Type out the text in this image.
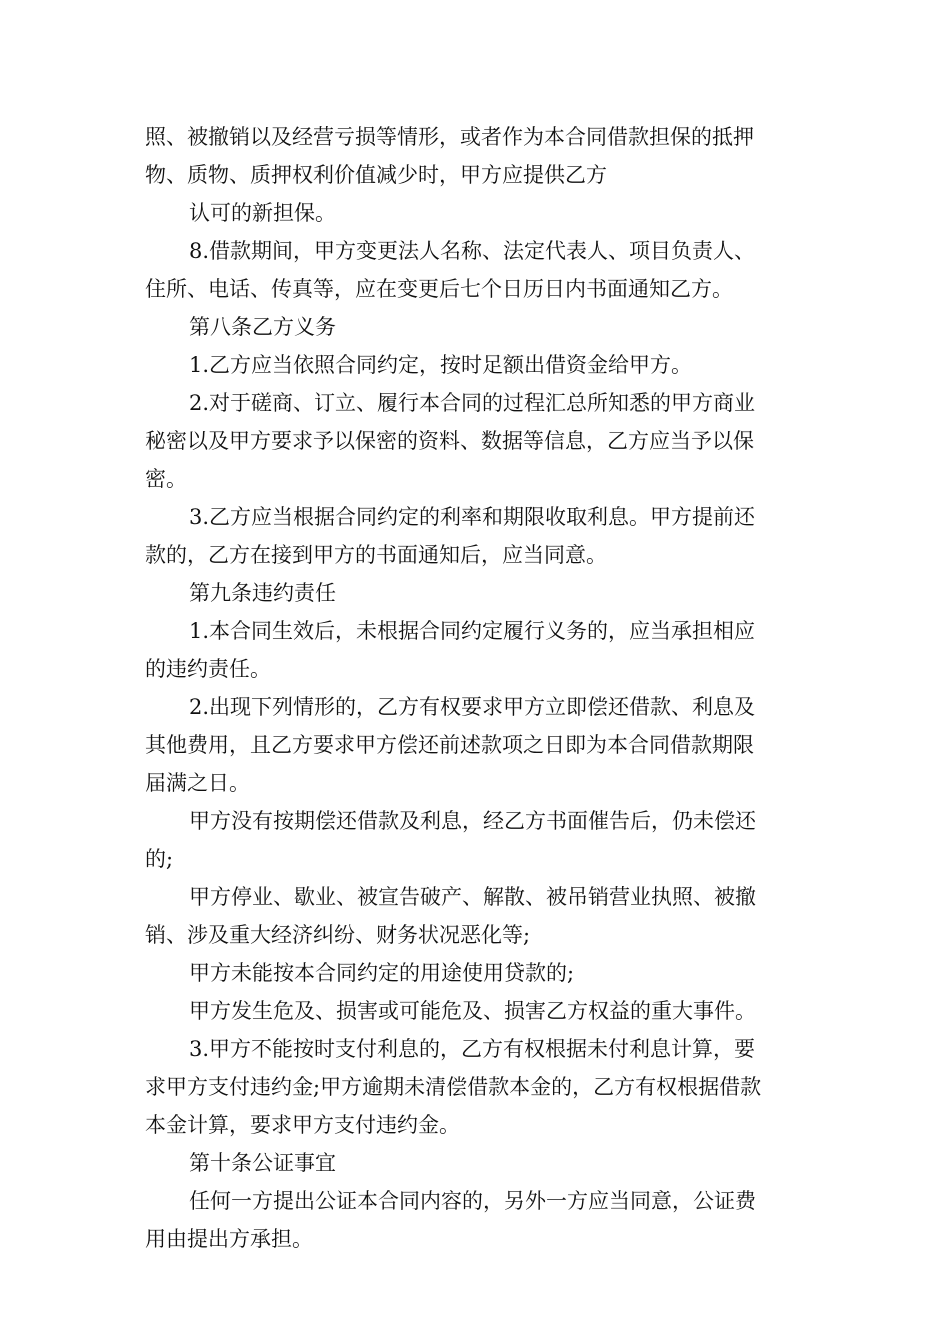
照、被撤销以及经营亏损等情形，或者作为本合同借款担保的抵押
物、质物、质押权利价值减少时，甲方应提供乙方
认可的新担保。
8.借款期间，甲方变更法人名称、法定代表人、项目负责人、
住所、电话、传真等，应在变更后七个日历日内书面通知乙方。
第八条乙方义务
1.乙方应当依照合同约定，按时足额出借资金给甲方。
2.对于磋商、订立、履行本合同的过程汇总所知悉的甲方商业
秘密以及甲方要求予以保密的资料、数据等信息，乙方应当予以保
密。
3.乙方应当根据合同约定的利率和期限收取利息。甲方提前还
款的，乙方在接到甲方的书面通知后，应当同意。
第九条违约责任
1.本合同生效后，未根据合同约定履行义务的，应当承担相应
的违约责任。
2.出现下列情形的，乙方有权要求甲方立即偿还借款、利息及
其他费用，且乙方要求甲方偿还前述款项之日即为本合同借款期限
届满之日。
甲方没有按期偿还借款及利息，经乙方书面催告后，仍未偿还
的;
甲方停业、歇业、被宣告破产、解散、被吊销营业执照、被撤
销、涉及重大经济纠纷、财务状况恶化等;
甲方未能按本合同约定的用途使用贷款的;
甲方发生危及、损害或可能危及、损害乙方权益的重大事件。
3.甲方不能按时支付利息的，乙方有权根据未付利息计算，要
求甲方支付违约金;甲方逾期未清偿借款本金的，乙方有权根据借款
本金计算，要求甲方支付违约金。
第十条公证事宜
任何一方提出公证本合同内容的，另外一方应当同意，公证费
用由提出方承担。
